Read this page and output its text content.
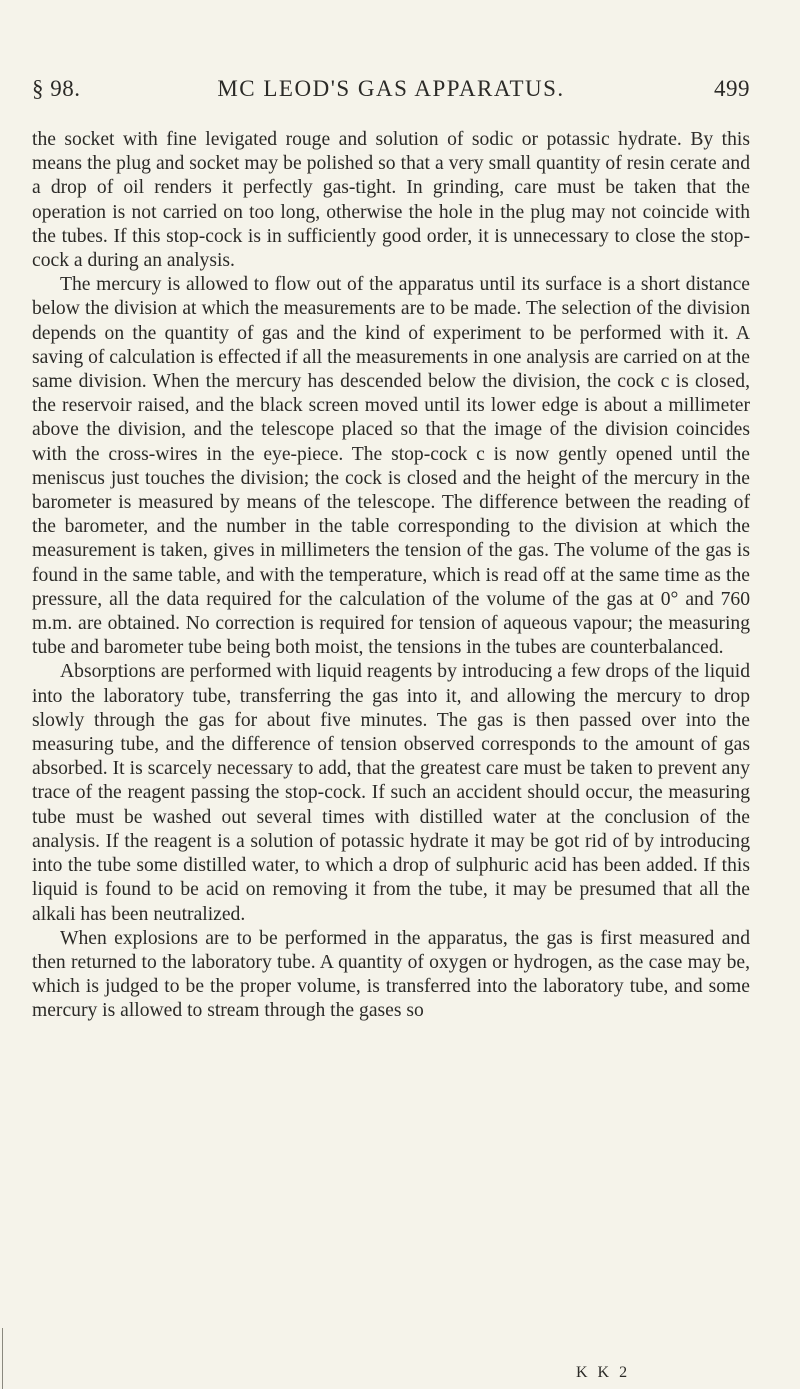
§ 98.	MC LEOD'S GAS APPARATUS.	499

the socket with fine levigated rouge and solution of sodic or potassic hydrate. By this means the plug and socket may be polished so that a very small quantity of resin cerate and a drop of oil renders it perfectly gas-tight. In grinding, care must be taken that the operation is not carried on too long, otherwise the hole in the plug may not coincide with the tubes. If this stop-cock is in sufficiently good order, it is unnecessary to close the stop-cock a during an analysis.

The mercury is allowed to flow out of the apparatus until its surface is a short distance below the division at which the measurements are to be made. The selection of the division depends on the quantity of gas and the kind of experiment to be performed with it. A saving of calculation is effected if all the measurements in one analysis are carried on at the same division. When the mercury has descended below the division, the cock c is closed, the reservoir raised, and the black screen moved until its lower edge is about a millimeter above the division, and the telescope placed so that the image of the division coincides with the cross-wires in the eye-piece. The stop-cock c is now gently opened until the meniscus just touches the division; the cock is closed and the height of the mercury in the barometer is measured by means of the telescope. The difference between the reading of the barometer, and the number in the table corresponding to the division at which the measurement is taken, gives in millimeters the tension of the gas. The volume of the gas is found in the same table, and with the temperature, which is read off at the same time as the pressure, all the data required for the calculation of the volume of the gas at 0° and 760 m.m. are obtained. No correction is required for tension of aqueous vapour; the measuring tube and barometer tube being both moist, the tensions in the tubes are counterbalanced.

Absorptions are performed with liquid reagents by introducing a few drops of the liquid into the laboratory tube, transferring the gas into it, and allowing the mercury to drop slowly through the gas for about five minutes. The gas is then passed over into the measuring tube, and the difference of tension observed corresponds to the amount of gas absorbed. It is scarcely necessary to add, that the greatest care must be taken to prevent any trace of the reagent passing the stop-cock. If such an accident should occur, the measuring tube must be washed out several times with distilled water at the conclusion of the analysis. If the reagent is a solution of potassic hydrate it may be got rid of by introducing into the tube some distilled water, to which a drop of sulphuric acid has been added. If this liquid is found to be acid on removing it from the tube, it may be presumed that all the alkali has been neutralized.

When explosions are to be performed in the apparatus, the gas is first measured and then returned to the laboratory tube. A quantity of oxygen or hydrogen, as the case may be, which is judged to be the proper volume, is transferred into the laboratory tube, and some mercury is allowed to stream through the gases so

K K 2
